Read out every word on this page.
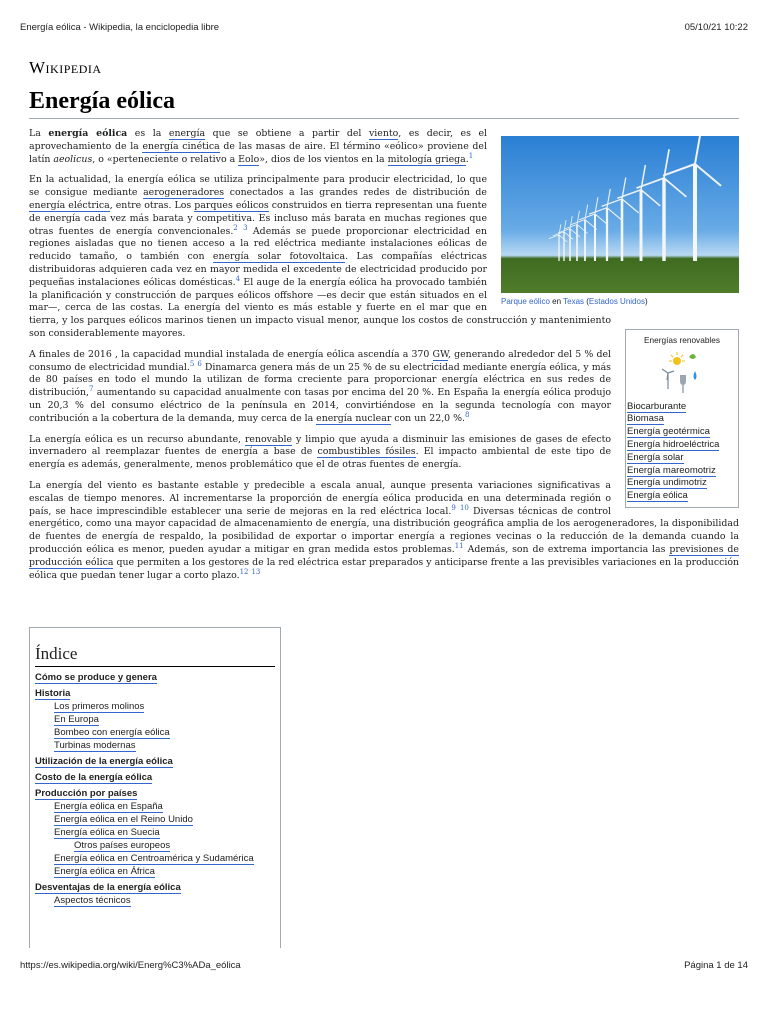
Energía eólica - Wikipedia, la enciclopedia libre	05/10/21 10:22
Wikipedia
Energía eólica
Parque eólico en Texas (Estados Unidos)
Energías renovables
Biocarburante
Biomasa
Energía geotérmica
Energía hidroeléctrica
Energía solar
Energía mareomotriz
Energía undimotriz
Energía eólica

La energía eólica es la energía que se obtiene a partir del viento, es decir, es el aprovechamiento de la energía cinética de las masas de aire. El término «eólico» proviene del latín aeolicus, o «perteneciente o relativo a Eolo», dios de los vientos en la mitología griega.$^1$

En la actualidad, la energía eólica se utiliza principalmente para producir electricidad, lo que se consigue mediante aerogeneradores conectados a las grandes redes de distribución de energía eléctrica, entre otras. Los parques eólicos construidos en tierra representan una fuente de energía cada vez más barata y competitiva. Es incluso más barata en muchas regiones que otras fuentes de energía convencionales.$^2$ $^3$ Además se puede proporcionar electricidad en regiones aisladas que no tienen acceso a la red eléctrica mediante instalaciones eólicas de reducido tamaño, o también con energía solar fotovoltaica. Las compañías eléctricas distribuidoras adquieren cada vez en mayor medida el excedente de electricidad producido por pequeñas instalaciones eólicas domésticas.$^4$ El auge de la energía eólica ha provocado también la planificación y construcción de parques eólicos offshore —es decir que están situados en el mar—, cerca de las costas. La energía del viento es más estable y fuerte en el mar que en tierra, y los parques eólicos marinos tienen un impacto visual menor, aunque los costos de construcción y mantenimiento son considerablemente mayores.

A finales de 2016 , la capacidad mundial instalada de energía eólica ascendía a 370 GW, generando alrededor del 5 % del consumo de electricidad mundial.$^5$ $^6$ Dinamarca genera más de un 25 % de su electricidad mediante energía eólica, y más de 80 países en todo el mundo la utilizan de forma creciente para proporcionar energía eléctrica en sus redes de distribución,$^7$ aumentando su capacidad anualmente con tasas por encima del 20 %. En España la energía eólica produjo un 20,3 % del consumo eléctrico de la península en 2014, convirtiéndose en la segunda tecnología con mayor contribución a la cobertura de la demanda, muy cerca de la energía nuclear con un 22,0 %.$^8$

La energía eólica es un recurso abundante, renovable y limpio que ayuda a disminuir las emisiones de gases de efecto invernadero al reemplazar fuentes de energía a base de combustibles fósiles. El impacto ambiental de este tipo de energía es además, generalmente, menos problemático que el de otras fuentes de energía.

La energía del viento es bastante estable y predecible a escala anual, aunque presenta variaciones significativas a escalas de tiempo menores. Al incrementarse la proporción de energía eólica producida en una determinada región o país, se hace imprescindible establecer una serie de mejoras en la red eléctrica local.$^9$ $^{10}$ Diversas técnicas de control energético, como una mayor capacidad de almacenamiento de energía, una distribución geográfica amplia de los aerogeneradores, la disponibilidad de fuentes de energía de respaldo, la posibilidad de exportar o importar energía a regiones vecinas o la reducción de la demanda cuando la producción eólica es menor, pueden ayudar a mitigar en gran medida estos problemas.$^{11}$ Además, son de extrema importancia las previsiones de producción eólica que permiten a los gestores de la red eléctrica estar preparados y anticiparse frente a las previsibles variaciones en la producción eólica que puedan tener lugar a corto plazo.$^{12}$ $^{13}$

Índice
Cómo se produce y genera
Historia
Los primeros molinos
En Europa
Bombeo con energía eólica
Turbinas modernas
Utilización de la energía eólica
Costo de la energía eólica
Producción por países
Energía eólica en España
Energía eólica en el Reino Unido
Energía eólica en Suecia
Otros países europeos
Energía eólica en Centroamérica y Sudamérica
Energía eólica en África
Desventajas de la energía eólica
Aspectos técnicos
https://es.wikipedia.org/wiki/Energ%C3%ADa_eólica	Página 1 de 14
